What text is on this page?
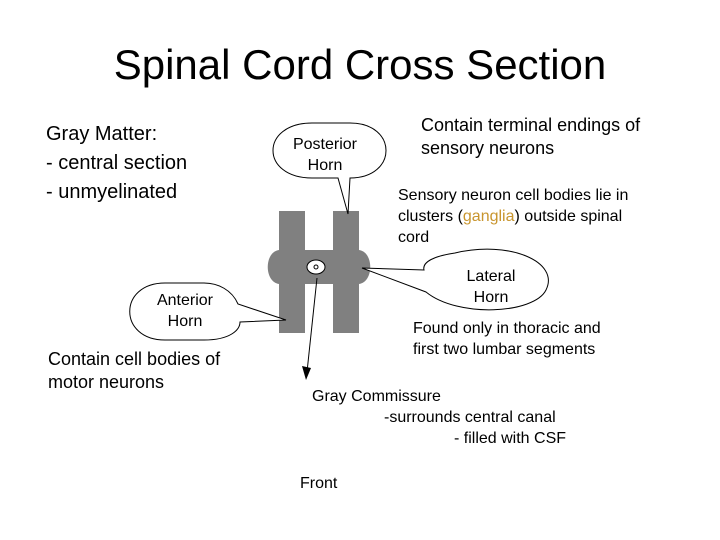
Spinal Cord Cross Section
Gray Matter:
- central section
- unmyelinated
Posterior
Horn
Contain terminal endings of
sensory neurons
Sensory neuron cell bodies lie in
clusters (ganglia) outside spinal
cord
Lateral
Horn
Found only in thoracic and
first two lumbar segments
Anterior
Horn
Contain cell bodies of
motor neurons
Gray Commissure
-surrounds central canal
- filled with CSF
Front
